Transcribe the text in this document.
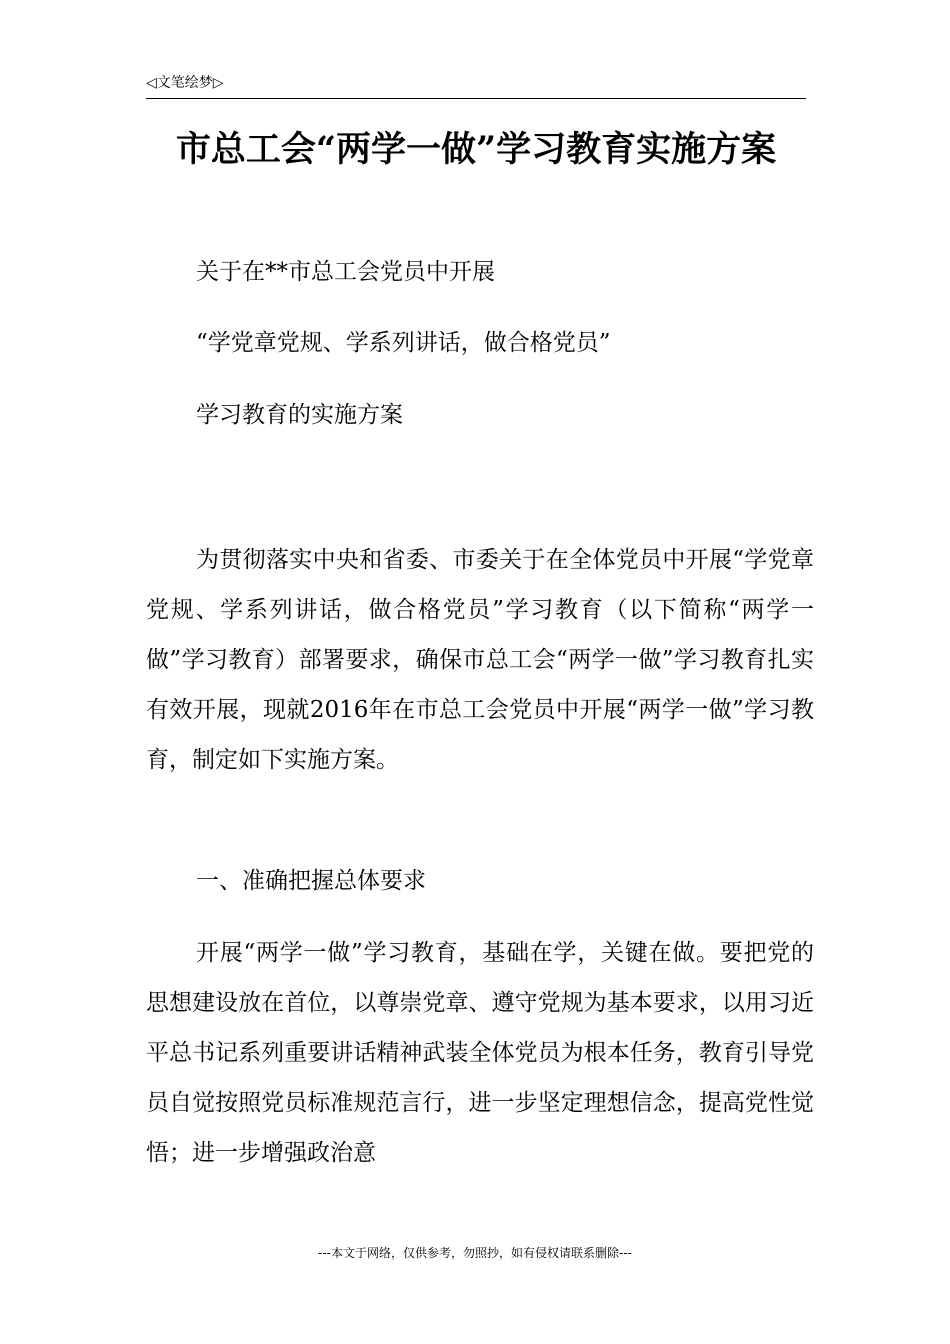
◁文笔绘梦▷
市总工会“两学一做”学习教育实施方案

关于在**市总工会党员中开展

“学党章党规、学系列讲话，做合格党员”

学习教育的实施方案

为贯彻落实中央和省委、市委关于在全体党员中开展“学党章党规、学系列讲话，做合格党员”学习教育（以下简称“两学一做”学习教育）部署要求，确保市总工会“两学一做”学习教育扎实有效开展，现就2016年在市总工会党员中开展“两学一做”学习教育，制定如下实施方案。

一、准确把握总体要求

开展“两学一做”学习教育，基础在学，关键在做。要把党的思想建设放在首位，以尊崇党章、遵守党规为基本要求，以用习近平总书记系列重要讲话精神武装全体党员为根本任务，教育引导党员自觉按照党员标准规范言行，进一步坚定理想信念，提高党性觉悟；进一步增强政治意

---本文于网络，仅供参考，勿照抄，如有侵权请联系删除---
